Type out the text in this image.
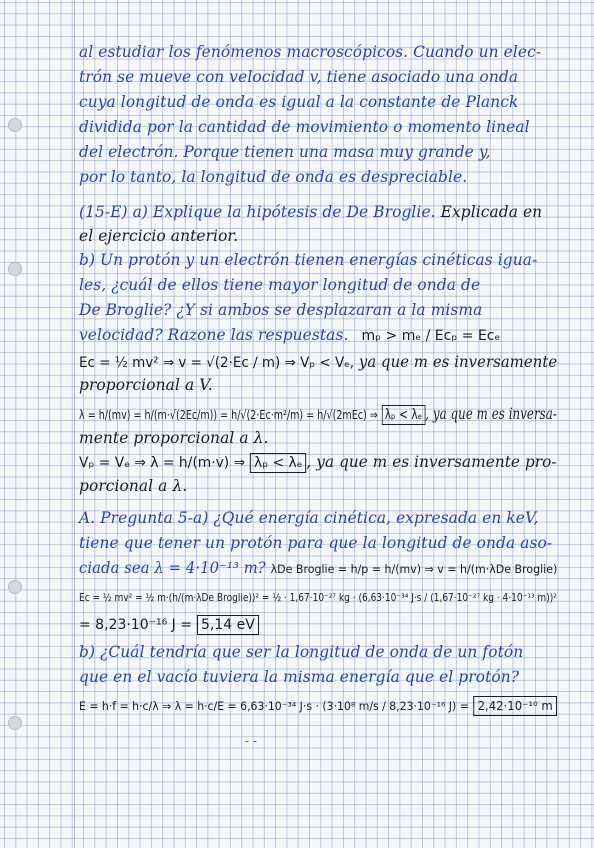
al estudiar los fenómenos macroscópicos. Cuando un elec-
trón se mueve con velocidad v, tiene asociado una onda
cuya longitud de onda es igual a la constante de Planck
dividida por la cantidad de movimiento o momento lineal
del electrón. Porque tienen una masa muy grande y,
por lo tanto, la longitud de onda es despreciable.
(15-E) a) Explique la hipótesis de De Broglie. Explicada en
el ejercicio anterior.
b) Un protón y un electrón tienen energías cinéticas igua-
les, ¿cuál de ellos tiene mayor longitud de onda de
De Broglie? ¿Y si ambos se desplazaran a la misma
velocidad? Razone las respuestas. mₚ > mₑ / Ecₚ = Ecₑ
Ec = ½ mv² ⇒ v = √(2·Ec / m) ⇒ Vₚ < Vₑ, ya que m es inversamente
proporcional a V.
λ = h/(mv) = h/(m·√(2Ec/m)) = h/√(2·Ec·m²/m) = h/√(2mEc) ⇒ λₚ < λₑ , ya que m es inversa-
mente proporcional a λ.
Vₚ = Vₑ ⇒ λ = h/(m·v) ⇒ λₚ < λₑ , ya que m es inversamente pro-
porcional a λ.
A. Pregunta 5-a) ¿Qué energía cinética, expresada en keV,
tiene que tener un protón para que la longitud de onda aso-
ciada sea λ = 4·10⁻¹³ m? λDe Broglie = h/p = h/(mv) ⇒ v = h/(m·λDe Broglie)
Ec = ½ mv² = ½ m·(h/(m·λDe Broglie))² = ½ · 1,67·10⁻²⁷ kg · (6,63·10⁻³⁴ J·s / (1,67·10⁻²⁷ kg · 4·10⁻¹³ m))²
= 8,23·10⁻¹⁶ J = 5,14 eV
b) ¿Cuál tendría que ser la longitud de onda de un fotón
que en el vacío tuviera la misma energía que el protón?
E = h·f = h·c/λ ⇒ λ = h·c/E = 6,63·10⁻³⁴ J·s · (3·10⁸ m/s / 8,23·10⁻¹⁶ J) = 2,42·10⁻¹⁰ m
- -
